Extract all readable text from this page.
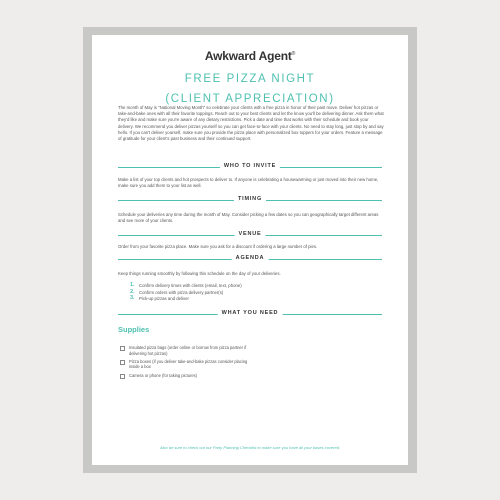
Awkward Agent®
FREE PIZZA NIGHT
(CLIENT APPRECIATION)
The month of May is "National Moving Month" so celebrate your clients with a free pizza in honor of their past move. Deliver hot pizzas or take-and-bake ones with all their favorite toppings. Reach out to your best clients and let the know you'll be delivering dinner. Ask them what they'd like and make sure you're aware of any dietary restrictions. Pick a date and time that works with their schedule and book your delivery. We recommend you deliver pizzas yourself so you can get face-to-face with your clients. No need to stay long, just stop by and say hello. If you can't deliver yourself, make sure you provide the pizza place with personalized box toppers for your orders. Feature a message of gratitude for your client's past business and their continued support.
WHO TO INVITE
Make a list of your top clients and hot prospects to deliver to. If anyone is celebrating a housewarming or just moved into their new home, make sure you add them to your list as well.
TIMING
Schedule your deliveries any time during the month of May. Consider picking a few dates so you can geographically target different areas and see more of your clients.
VENUE
Order from your favorite pizza place. Make sure you ask for a discount if ordering a large number of pies.
AGENDA
Keep things running smoothly by following this schedule on the day of your deliveries.
1. Confirm delivery times with clients (email, text, phone)
2. Confirm orders with pizza delivery partner(s)
3. Pick-up pizzas and deliver
WHAT YOU NEED
Supplies
Insulated pizza bags (order online or borrow from pizza partner if delivering hot pizzas)
Pizza boxes (if you deliver take-and-bake pizzas consider placing inside a box
Camera or phone (for taking pictures)
Also be sure to check out our Party Planning Checklist to make sure you have all your bases covered.
